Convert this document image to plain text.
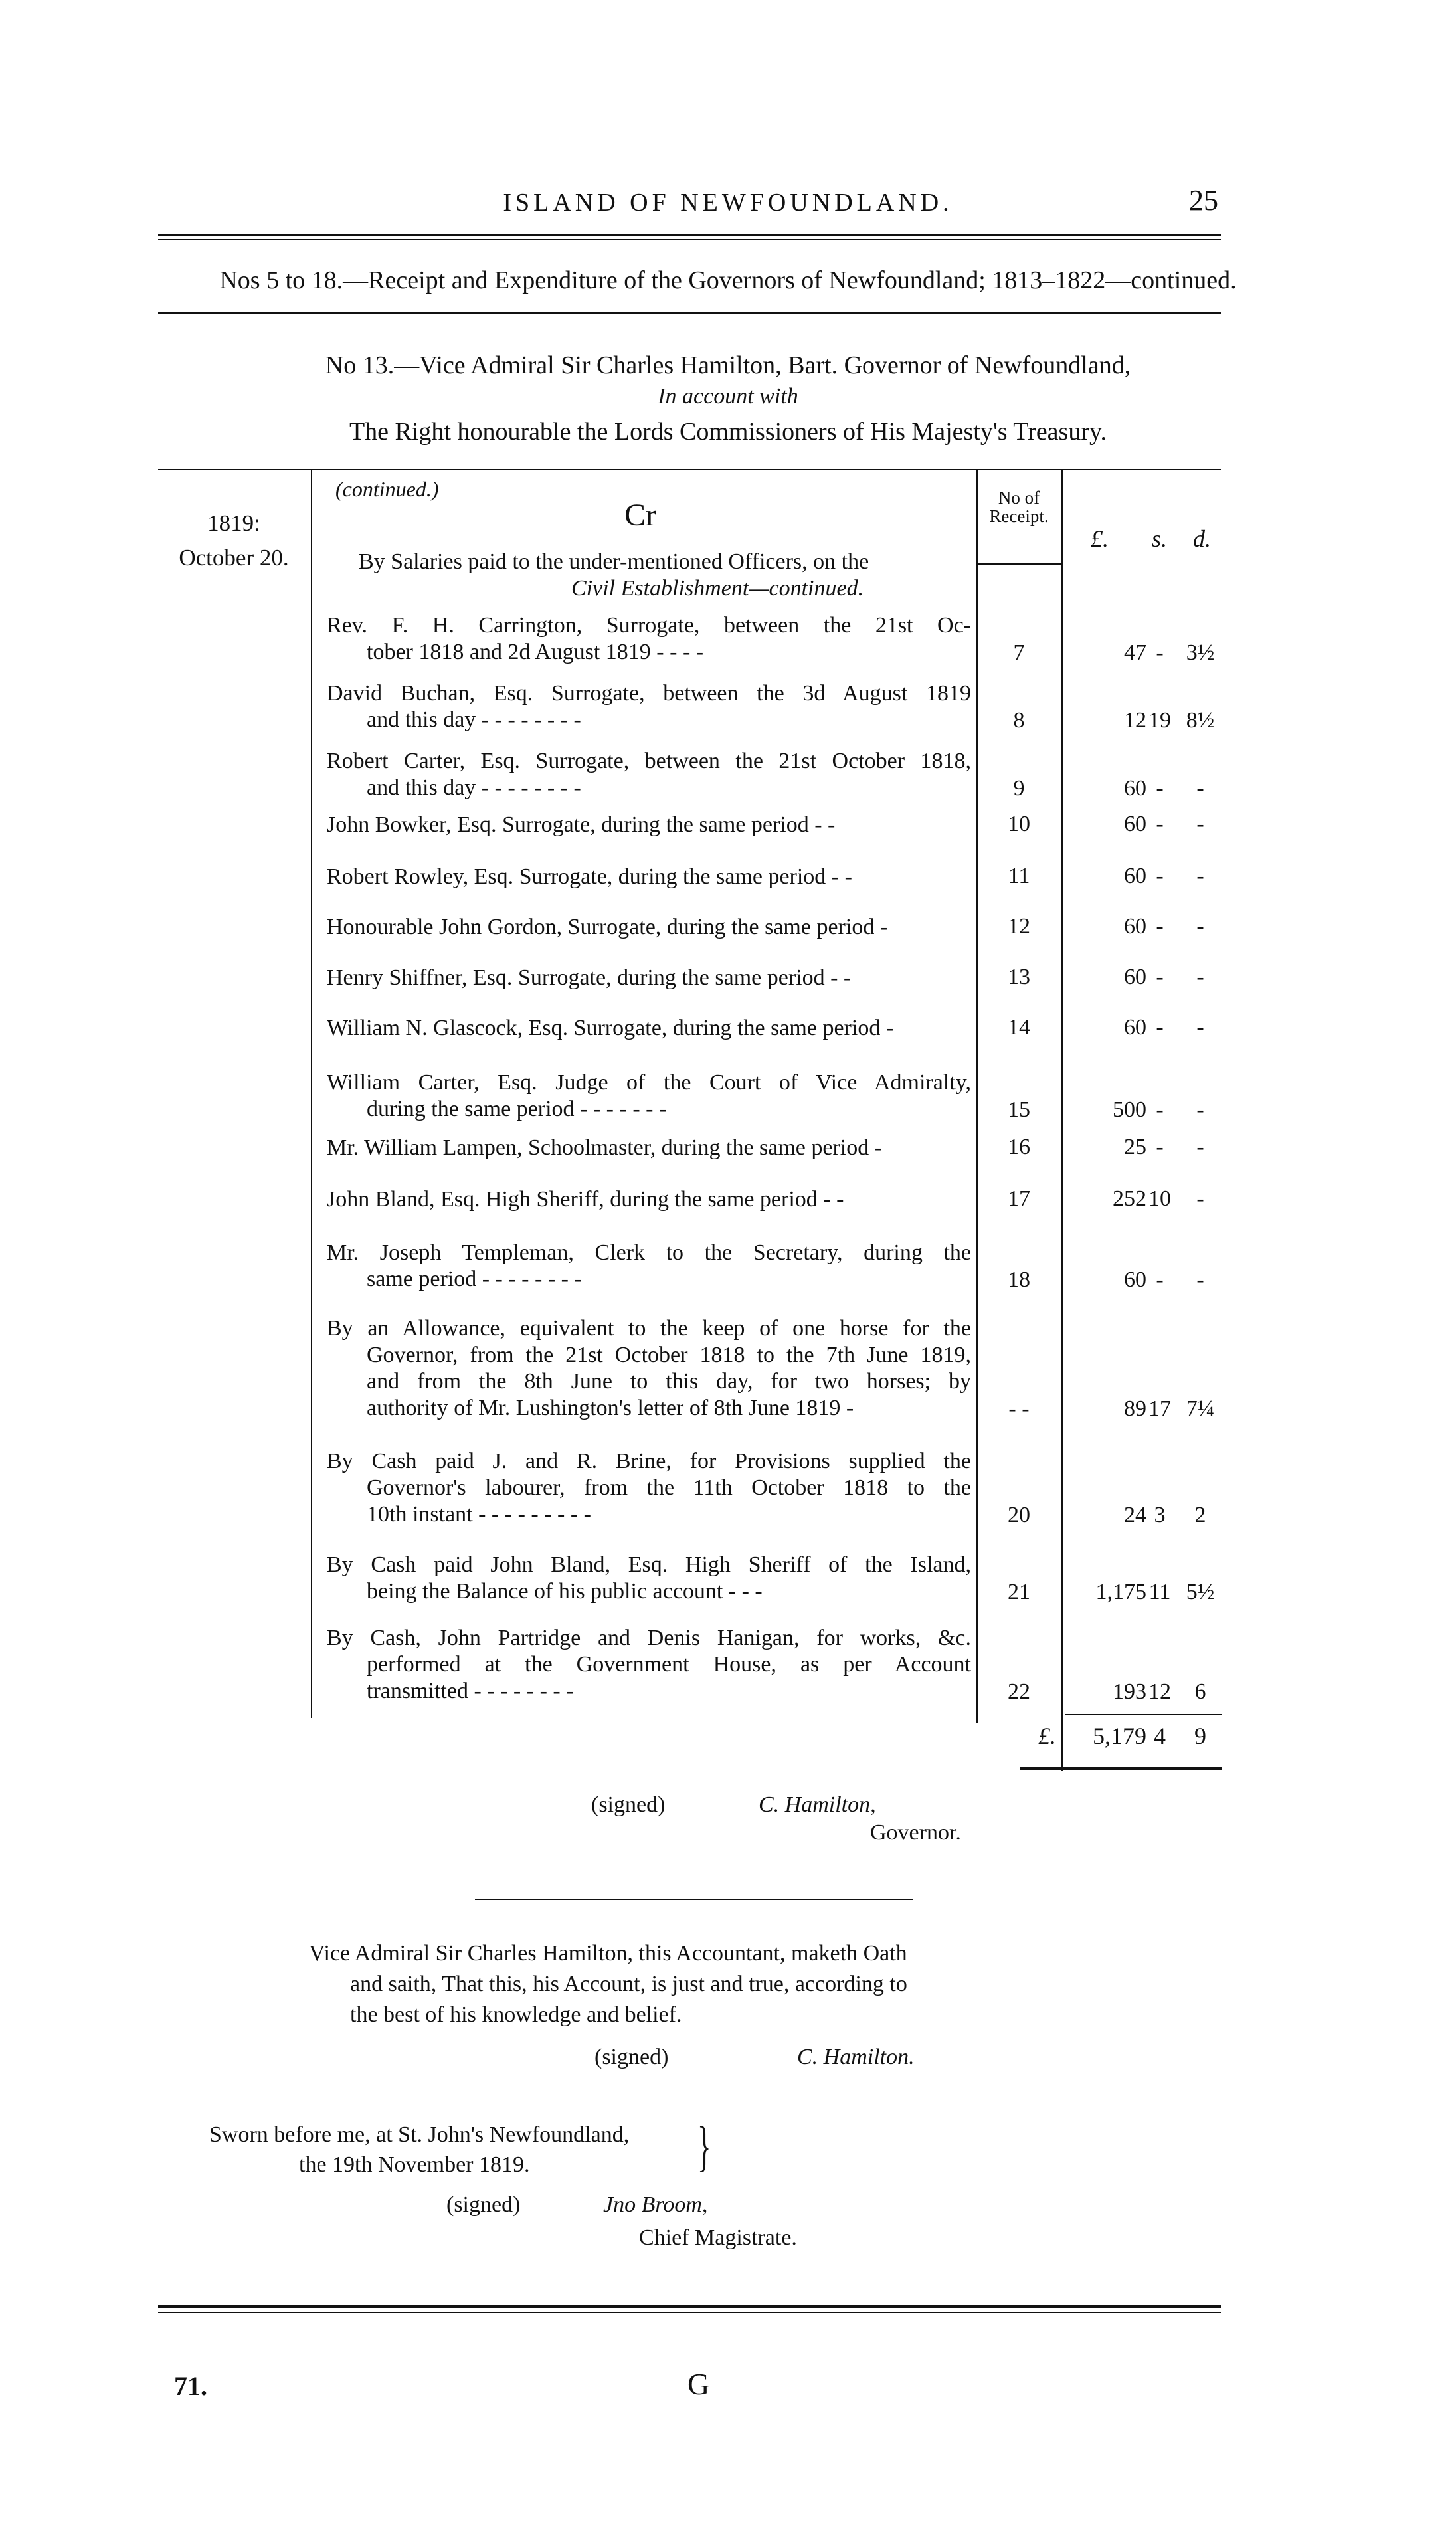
ISLAND OF NEWFOUNDLAND.	25
Nos 5 to 18.—Receipt and Expenditure of the Governors of Newfoundland; 1813–1822—continued.
No 13.—Vice Admiral Sir Charles Hamilton, Bart. Governor of Newfoundland,
In account with
The Right honourable the Lords Commissioners of His Majesty's Treasury.
1819:
October 20.
(continued.)
Cr	No of
Receipt.
£. s. d.
By Salaries paid to the under-mentioned Officers, on the
Civil Establishment—continued.
Rev. F. H. Carrington, Surrogate, between the 21st Oc-
tober 1818 and 2d August 1819 - - - -	7	47 -	3½
David Buchan, Esq. Surrogate, between the 3d August 1819
and this day - - - - - - - -	8	12 19 8½
Robert Carter, Esq. Surrogate, between the 21st October 1818,
and this day - - - - - - - -	9	60 -	-
John Bowker, Esq. Surrogate, during the same period - -	10	60 -	-
Robert Rowley, Esq. Surrogate, during the same period - -	11	60 -	-
Honourable John Gordon, Surrogate, during the same period -	12	60 -	-
Henry Shiffner, Esq. Surrogate, during the same period - -	13	60 -	-
William N. Glascock, Esq. Surrogate, during the same period -	14	60 -	-
William Carter, Esq. Judge of the Court of Vice Admiralty,
during the same period - - - - - - -	15	500 -	-
Mr. William Lampen, Schoolmaster, during the same period -	16	25 -	-
John Bland, Esq. High Sheriff, during the same period - -	17	252 10	-
Mr. Joseph Templeman, Clerk to the Secretary, during the
same period - - - - - - - -	18	60 -	-
By an Allowance, equivalent to the keep of one horse for the
Governor, from the 21st October 1818 to the 7th June 1819,
and from the 8th June to this day, for two horses; by
authority of Mr. Lushington's letter of 8th June 1819 -	- -	89 17 7¼
By Cash paid J. and R. Brine, for Provisions supplied the
Governor's labourer, from the 11th October 1818 to the
10th instant - - - - - - - - -	20	24 3	2
By Cash paid John Bland, Esq. High Sheriff of the Island,
being the Balance of his public account - - -	21	1,175 11 5½
By Cash, John Partridge and Denis Hanigan, for works, &c.
performed at the Government House, as per Account
transmitted - - - - - - - -	22	193 12	6
£.	5,179 4	9
(signed)	C. Hamilton,
Governor.
Vice Admiral Sir Charles Hamilton, this Accountant, maketh Oath
and saith, That this, his Account, is just and true, according to
the best of his knowledge and belief.
(signed)	C. Hamilton.
Sworn before me, at St. John's Newfoundland,
the 19th November 1819.	}
(signed)	Jno Broom,
Chief Magistrate.
71.	G
